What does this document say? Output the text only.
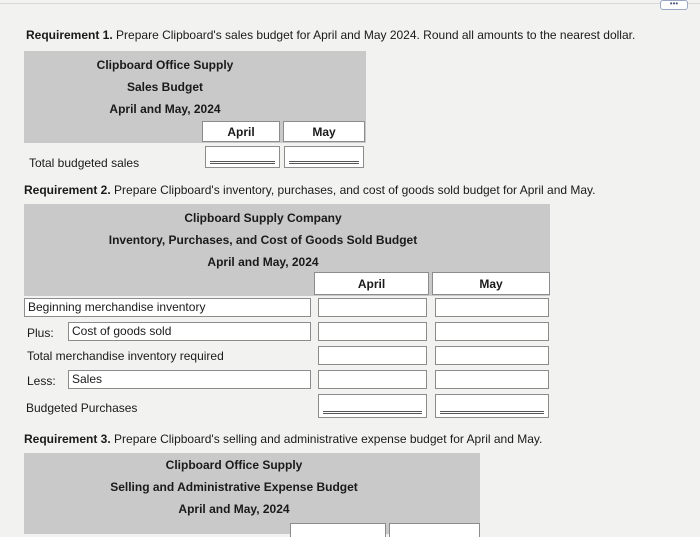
•••
Requirement 1. Prepare Clipboard's sales budget for April and May 2024. Round all amounts to the nearest dollar.
Clipboard Office Supply
Sales Budget
April and May, 2024
April	May
Total budgeted sales
Requirement 2. Prepare Clipboard's inventory, purchases, and cost of goods sold budget for April and May.
Clipboard Supply Company
Inventory, Purchases, and Cost of Goods Sold Budget
April and May, 2024
April	May
Beginning merchandise inventory
Plus:	Cost of goods sold
Total merchandise inventory required
Less:	Sales
Budgeted Purchases
Requirement 3. Prepare Clipboard's selling and administrative expense budget for April and May.
Clipboard Office Supply
Selling and Administrative Expense Budget
April and May, 2024
